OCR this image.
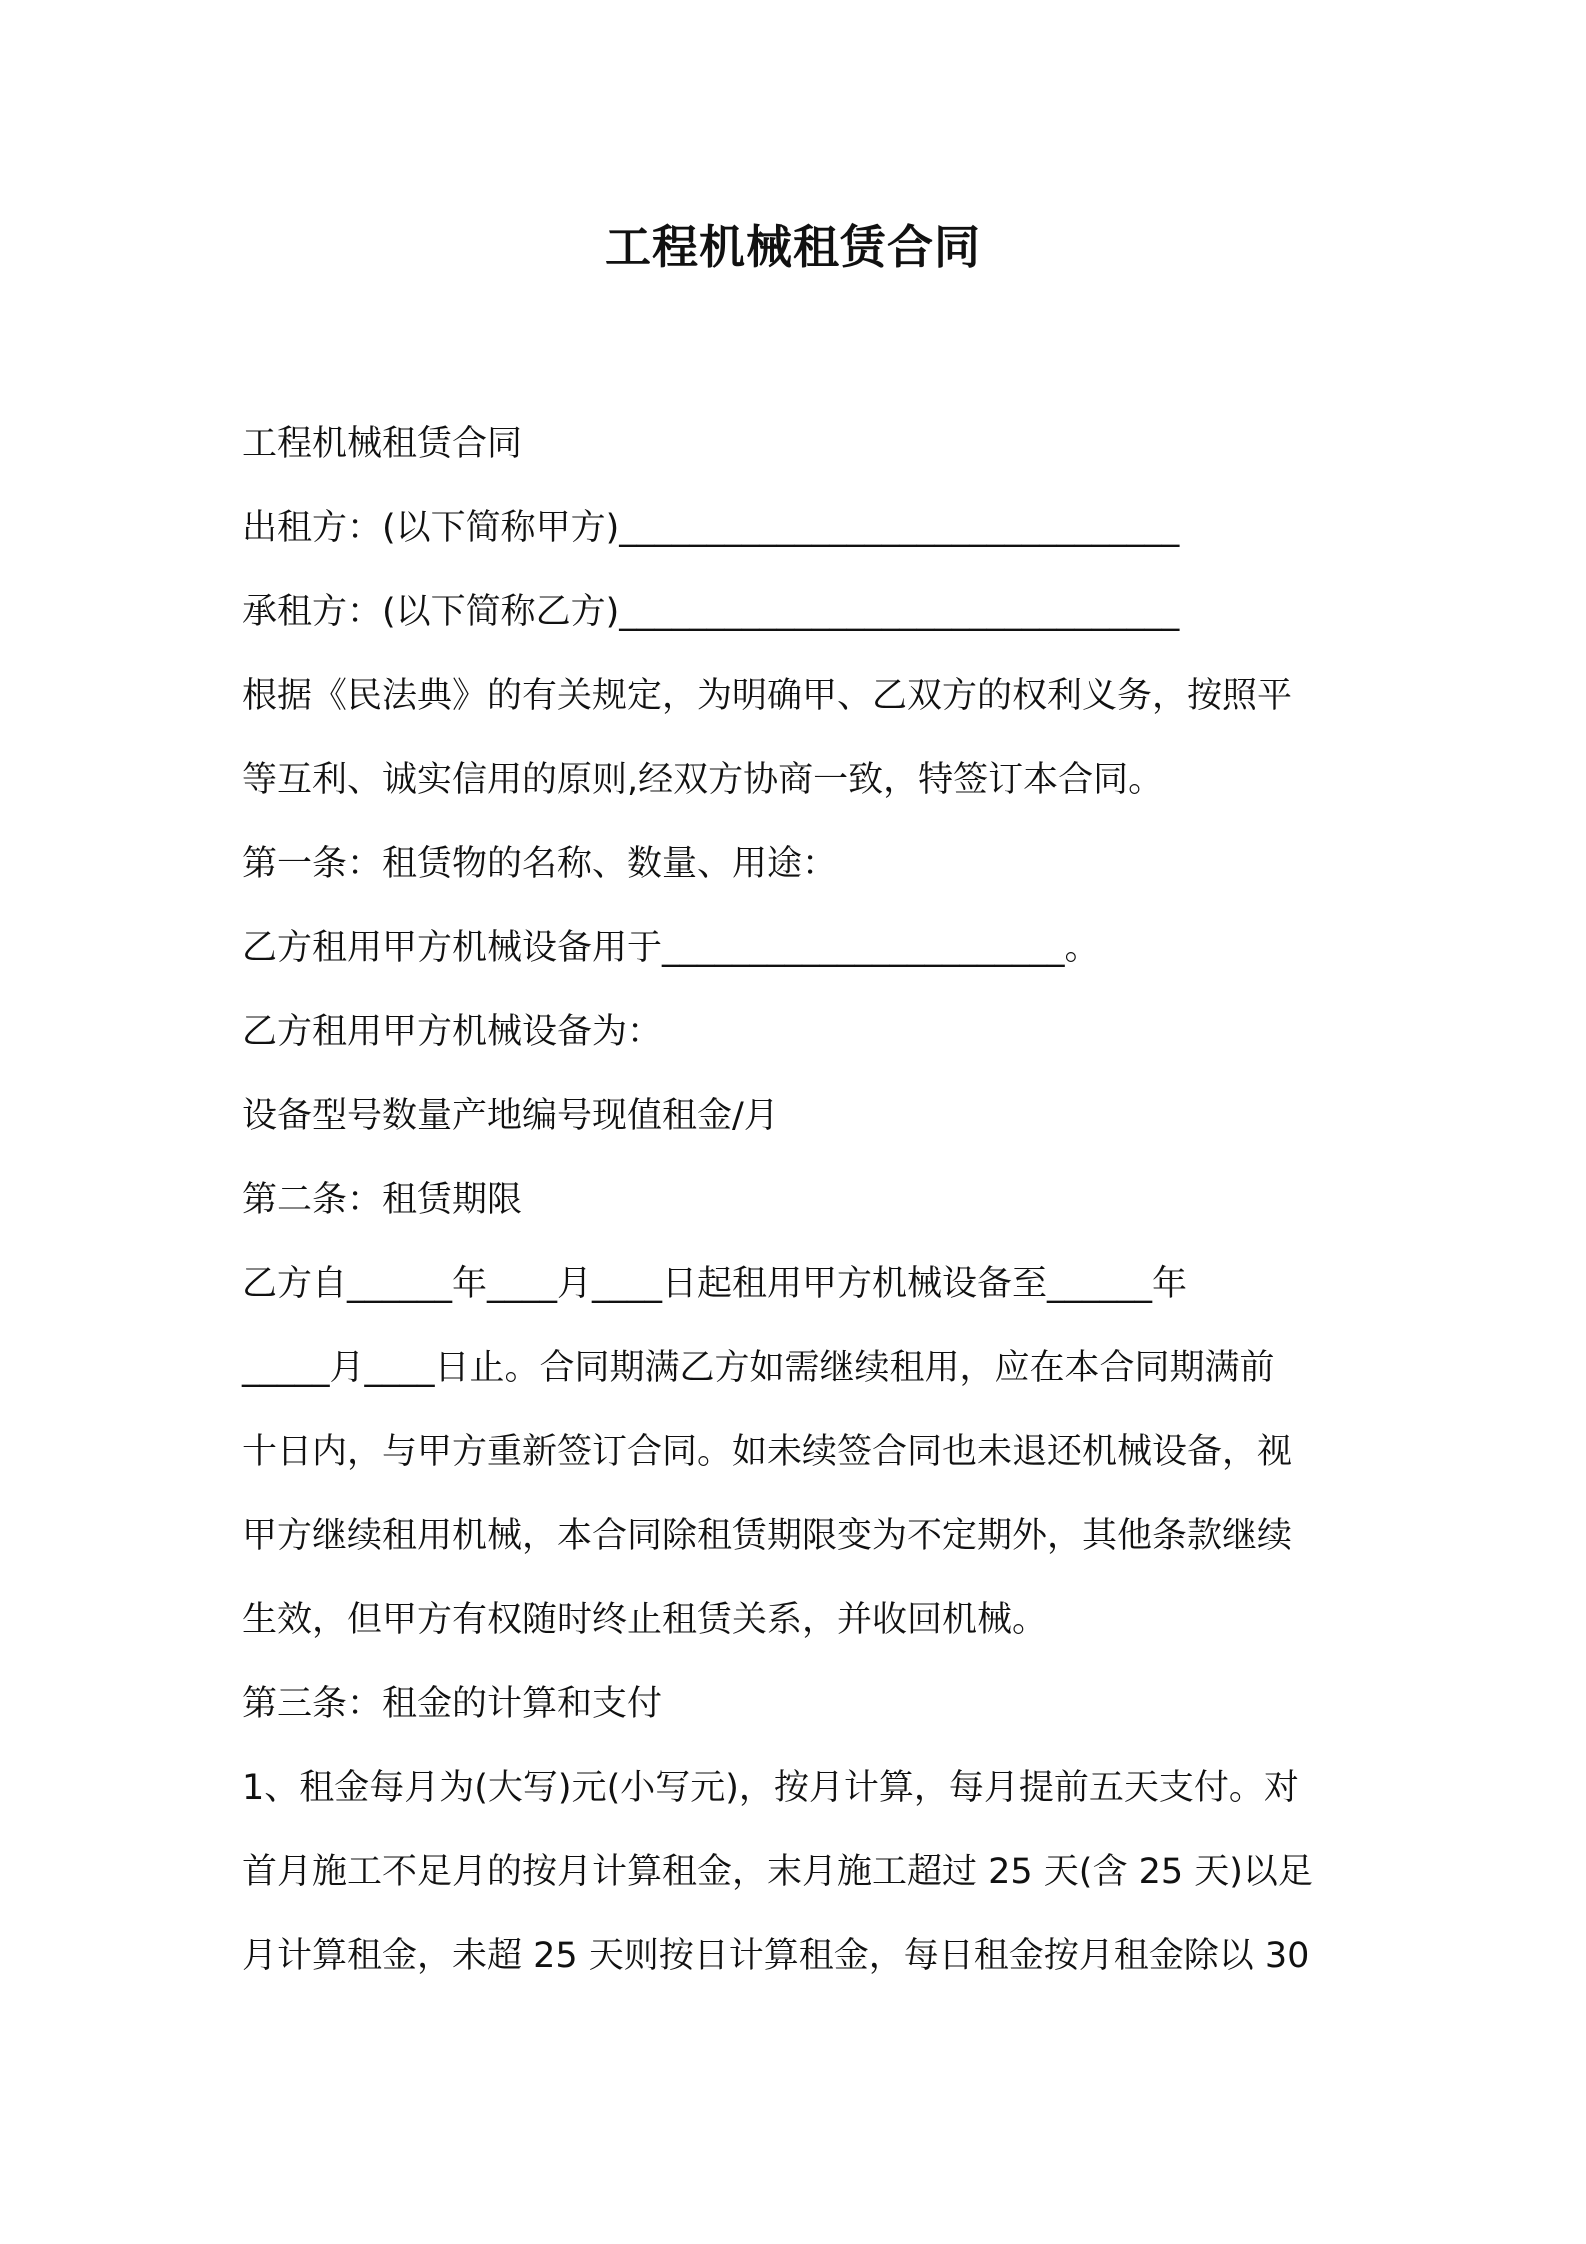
工程机械租赁合同

工程机械租赁合同

出租方：(以下简称甲方)________________________________

承租方：(以下简称乙方)________________________________

根据《民法典》的有关规定，为明确甲、乙双方的权利义务，按照平

等互利、诚实信用的原则,经双方协商一致，特签订本合同。

第一条：租赁物的名称、数量、用途：

乙方租用甲方机械设备用于_______________________。

乙方租用甲方机械设备为：

设备型号数量产地编号现值租金/月

第二条：租赁期限

乙方自______年____月____日起租用甲方机械设备至______年

_____月____日止。合同期满乙方如需继续租用，应在本合同期满前

十日内，与甲方重新签订合同。如未续签合同也未退还机械设备，视

甲方继续租用机械，本合同除租赁期限变为不定期外，其他条款继续

生效，但甲方有权随时终止租赁关系，并收回机械。

第三条：租金的计算和支付

1、租金每月为(大写)元(小写元)，按月计算，每月提前五天支付。对

首月施工不足月的按月计算租金，末月施工超过 25 天(含 25 天)以足

月计算租金，未超 25 天则按日计算租金，每日租金按月租金除以 30
